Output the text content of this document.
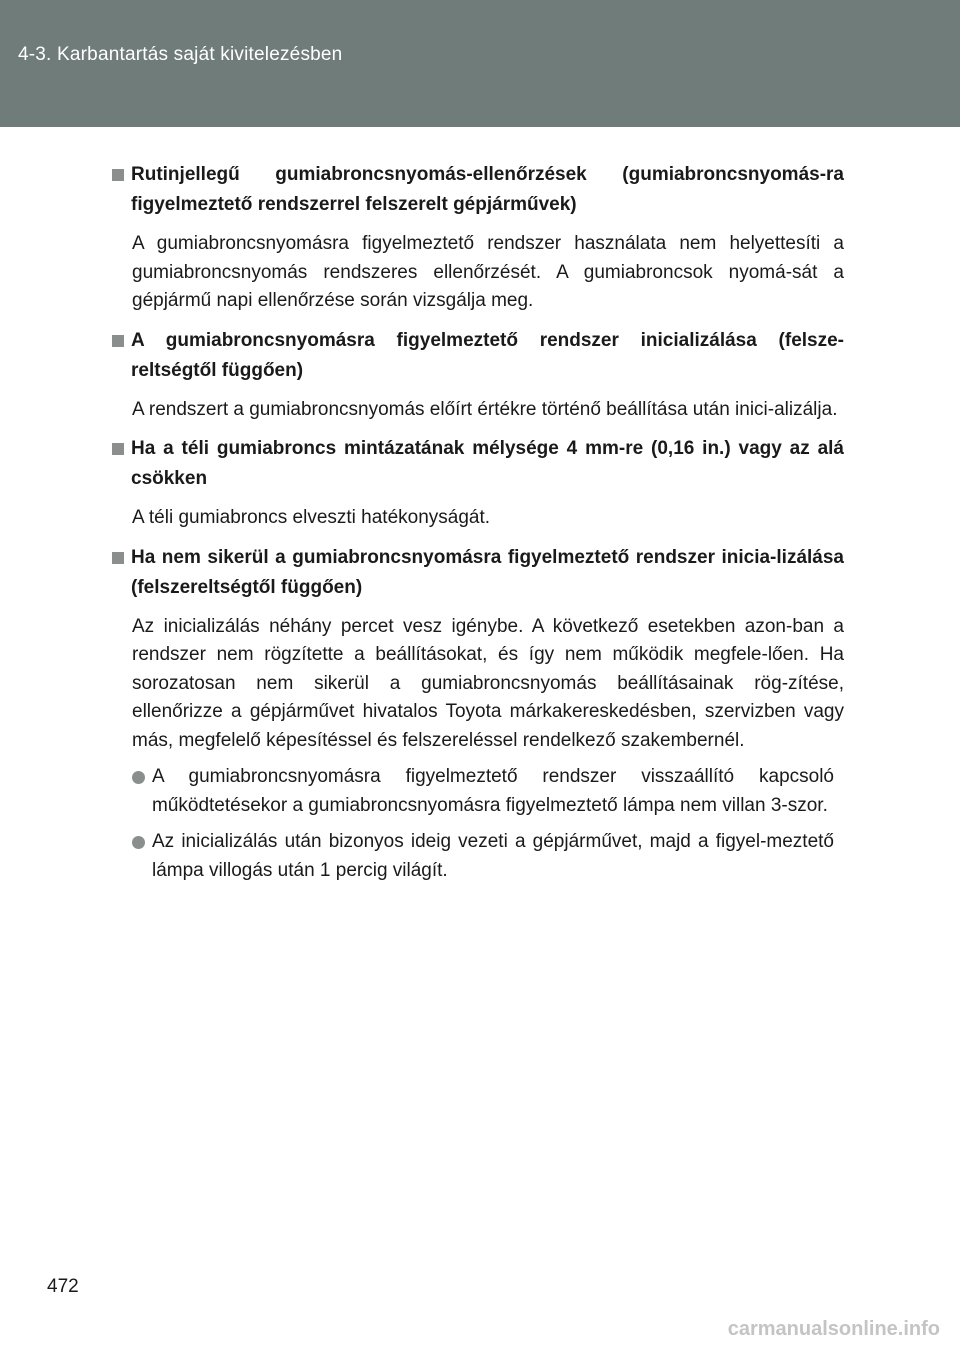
4-3. Karbantartás saját kivitelezésben
Rutinjellegű gumiabroncsnyomás-ellenőrzések (gumiabroncsnyomás-ra figyelmeztető rendszerrel felszerelt gépjárművek)
A gumiabroncsnyomásra figyelmeztető rendszer használata nem helyettesíti a gumiabroncsnyomás rendszeres ellenőrzését. A gumiabroncsok nyomá-sát a gépjármű napi ellenőrzése során vizsgálja meg.
A gumiabroncsnyomásra figyelmeztető rendszer inicializálása (felsze-reltségtől függően)
A rendszert a gumiabroncsnyomás előírt értékre történő beállítása után inici-alizálja.
Ha a téli gumiabroncs mintázatának mélysége 4 mm-re (0,16 in.) vagy az alá csökken
A téli gumiabroncs elveszti hatékonyságát.
Ha nem sikerül a gumiabroncsnyomásra figyelmeztető rendszer inicia-lizálása (felszereltségtől függően)
Az inicializálás néhány percet vesz igénybe. A következő esetekben azon-ban a rendszer nem rögzítette a beállításokat, és így nem működik megfele-lően. Ha sorozatosan nem sikerül a gumiabroncsnyomás beállításainak rög-zítése, ellenőrizze a gépjárművet hivatalos Toyota márkakereskedésben, szervizben vagy más, megfelelő képesítéssel és felszereléssel rendelkező szakembernél.
A gumiabroncsnyomásra figyelmeztető rendszer visszaállító kapcsoló működtetésekor a gumiabroncsnyomásra figyelmeztető lámpa nem villan 3-szor.
Az inicializálás után bizonyos ideig vezeti a gépjárművet, majd a figyel-meztető lámpa villogás után 1 percig világít.
472
carmanualsonline.info
